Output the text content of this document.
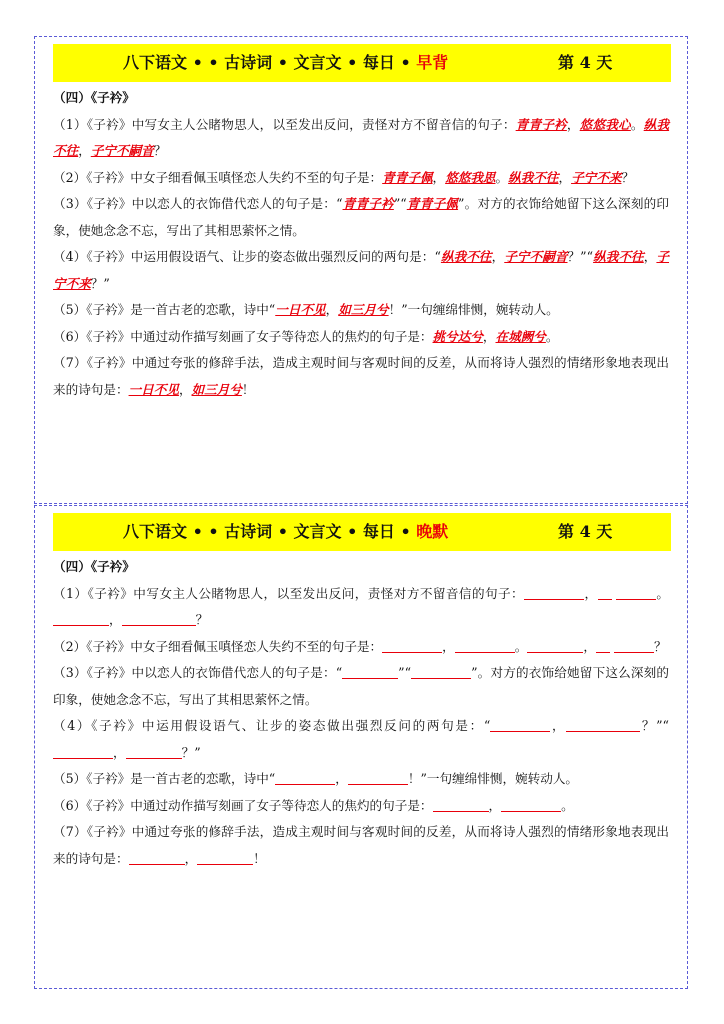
八下语文 • • 古诗词 • 文言文 • 每日 • 早背	第 4 天

（四）《子衿》

（1）《子衿》中写女主人公睹物思人，以至发出反问，责怪对方不留音信的句子：青青子衿，悠悠我心。纵我不往，子宁不嗣音？

（2）《子衿》中女子细看佩玉嗔怪恋人失约不至的句子是：青青子佩，悠悠我思。纵我不往，子宁不来？

（3）《子衿》中以恋人的衣饰借代恋人的句子是：“青青子衿”“青青子佩”。对方的衣饰给她留下这么深刻的印象，使她念念不忘，写出了其相思萦怀之情。

（4）《子衿》中运用假设语气、让步的姿态做出强烈反问的两句是：“纵我不往，子宁不嗣音？”“纵我不往，子宁不来？”

（5）《子衿》是一首古老的恋歌，诗中“一日不见，如三月兮！”一句缠绵悱恻，婉转动人。

（6）《子衿》中通过动作描写刻画了女子等待恋人的焦灼的句子是：挑兮达兮，在城阙兮。

（7）《子衿》中通过夸张的修辞手法，造成主观时间与客观时间的反差，从而将诗人强烈的情绪形象地表现出来的诗句是：一日不见，如三月兮！

八下语文 • • 古诗词 • 文言文 • 每日 • 晚默	第 4 天

（四）《子衿》

（1）《子衿》中写女主人公睹物思人，以至发出反问，责怪对方不留音信的句子：	，	。，	？

（2）《子衿》中女子细看佩玉嗔怪恋人失约不至的句子是：	，	。	，	？

（3）《子衿》中以恋人的衣饰借代恋人的句子是：“	”“	”。对方的衣饰给她留下这么深刻的印象，使她念念不忘，写出了其相思萦怀之情。

（4）《子衿》中运用假设语气、让步的姿态做出强烈反问的两句是：“	，	？”“，	？”

（5）《子衿》是一首古老的恋歌，诗中“	，	！”一句缠绵悱恻，婉转动人。

（6）《子衿》中通过动作描写刻画了女子等待恋人的焦灼的句子是：	，	。

（7）《子衿》中通过夸张的修辞手法，造成主观时间与客观时间的反差，从而将诗人强烈的情绪形象地表现出来的诗句是：	，	！
